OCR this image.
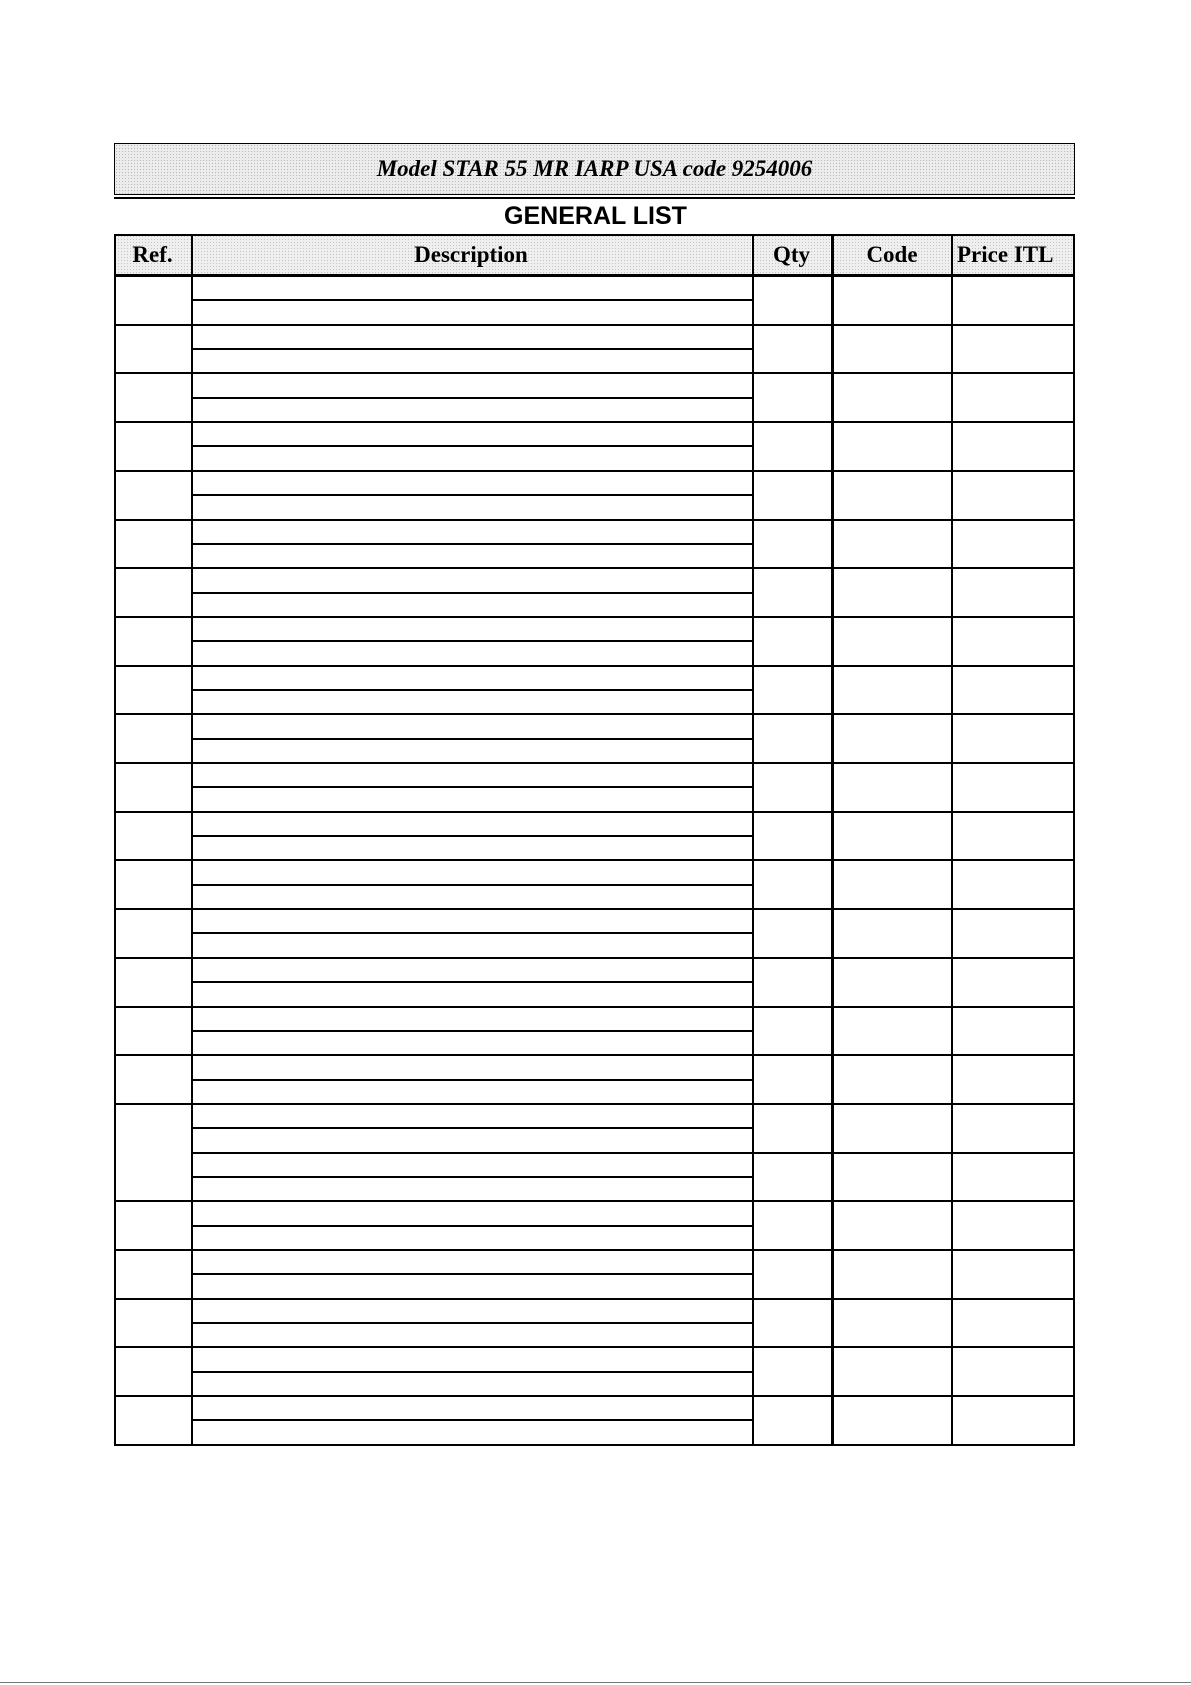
Model STAR 55 MR IARP USA code 9254006
GENERAL LIST
Ref.	Description	Qty	Code	Price ITL
